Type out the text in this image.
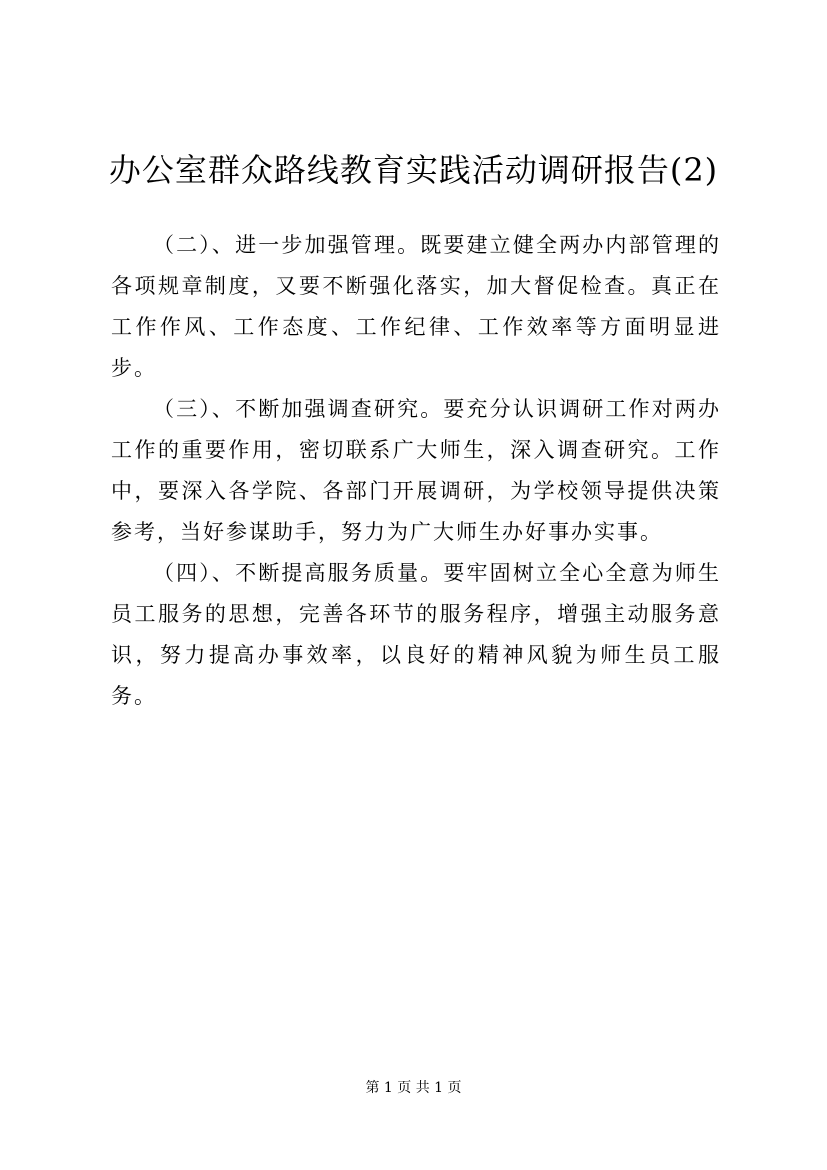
办公室群众路线教育实践活动调研报告(2)

（二）、进一步加强管理。既要建立健全两办内部管理的各项规章制度，又要不断强化落实，加大督促检查。真正在工作作风、工作态度、工作纪律、工作效率等方面明显进步。

（三）、不断加强调查研究。要充分认识调研工作对两办工作的重要作用，密切联系广大师生，深入调查研究。工作中，要深入各学院、各部门开展调研，为学校领导提供决策参考，当好参谋助手，努力为广大师生办好事办实事。

（四）、不断提高服务质量。要牢固树立全心全意为师生员工服务的思想，完善各环节的服务程序，增强主动服务意识，努力提高办事效率，以良好的精神风貌为师生员工服务。

第 1 页 共 1 页
